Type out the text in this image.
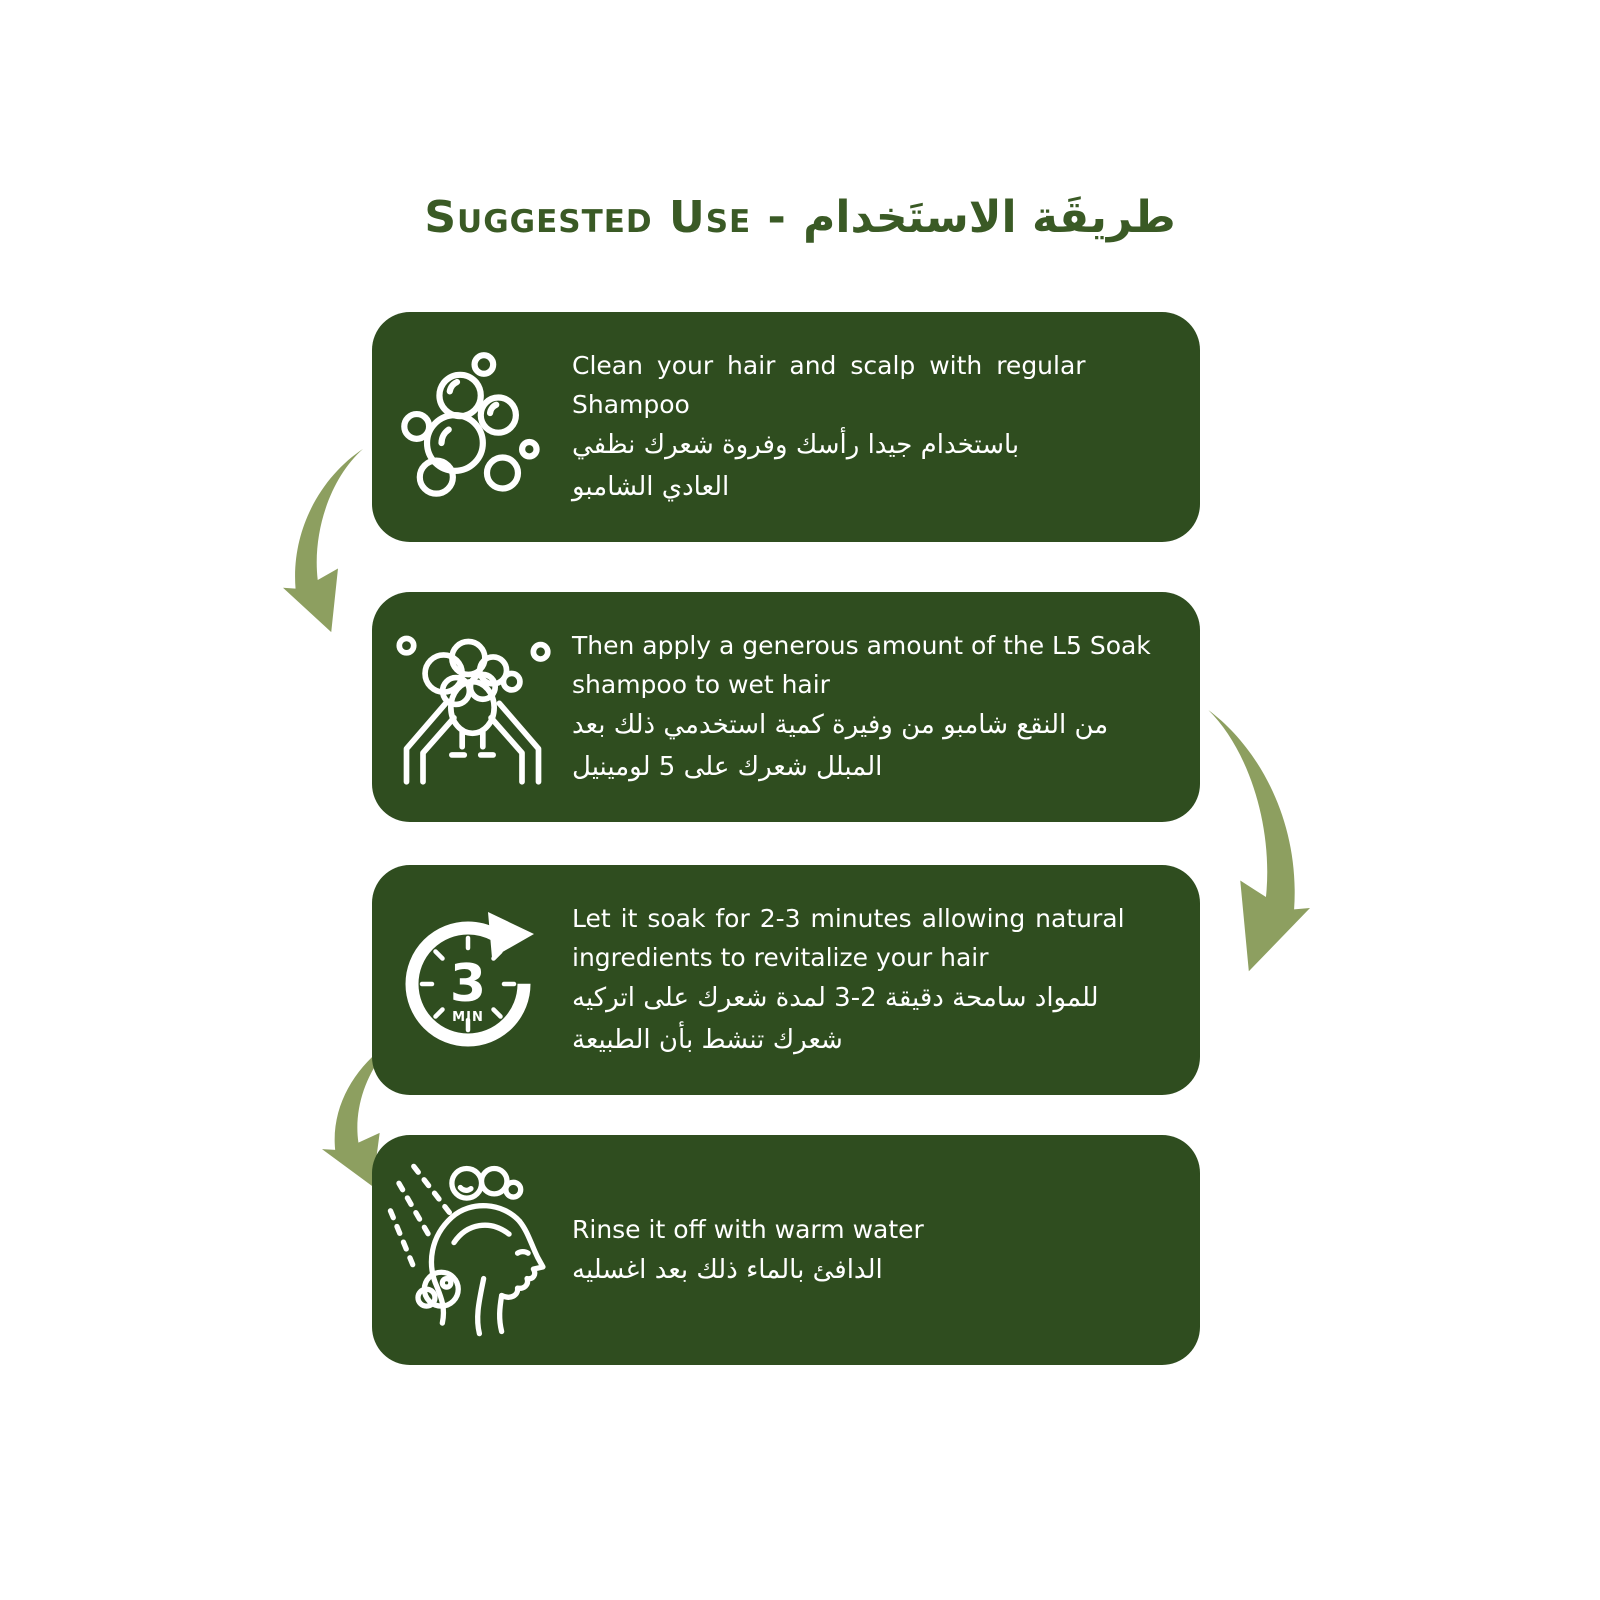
Suggested Use - طريقَة الاستَخدام
Clean your hair and scalp with regular
Shampoo
نظفي‎ شعرك‎ وفروة‎ رأسك‎ جيدا‎ باستخدام
الشامبو‎ العادي
Then apply a generous amount of the L5 Soak
shampoo to wet hair
بعد‎ ذلك‎ استخدمي‎ كمية‎ وفيرة‎ من‎ شامبو‎ النقع‎ من
لومينيل‎ 5‎ على‎ شعرك‎ المبلل
3
MIN
Let it soak for 2-3 minutes allowing natural
ingredients to revitalize your hair
اتركيه‎ على‎ شعرك‎ لمدة‎ 3-2‎ دقيقة‎ سامحة‎ للمواد
الطبيعة‎ بأن‎ تنشط‎ شعرك
Rinse it off with warm water
اغسليه‎ بعد‎ ذلك‎ بالماء‎ الدافئ
